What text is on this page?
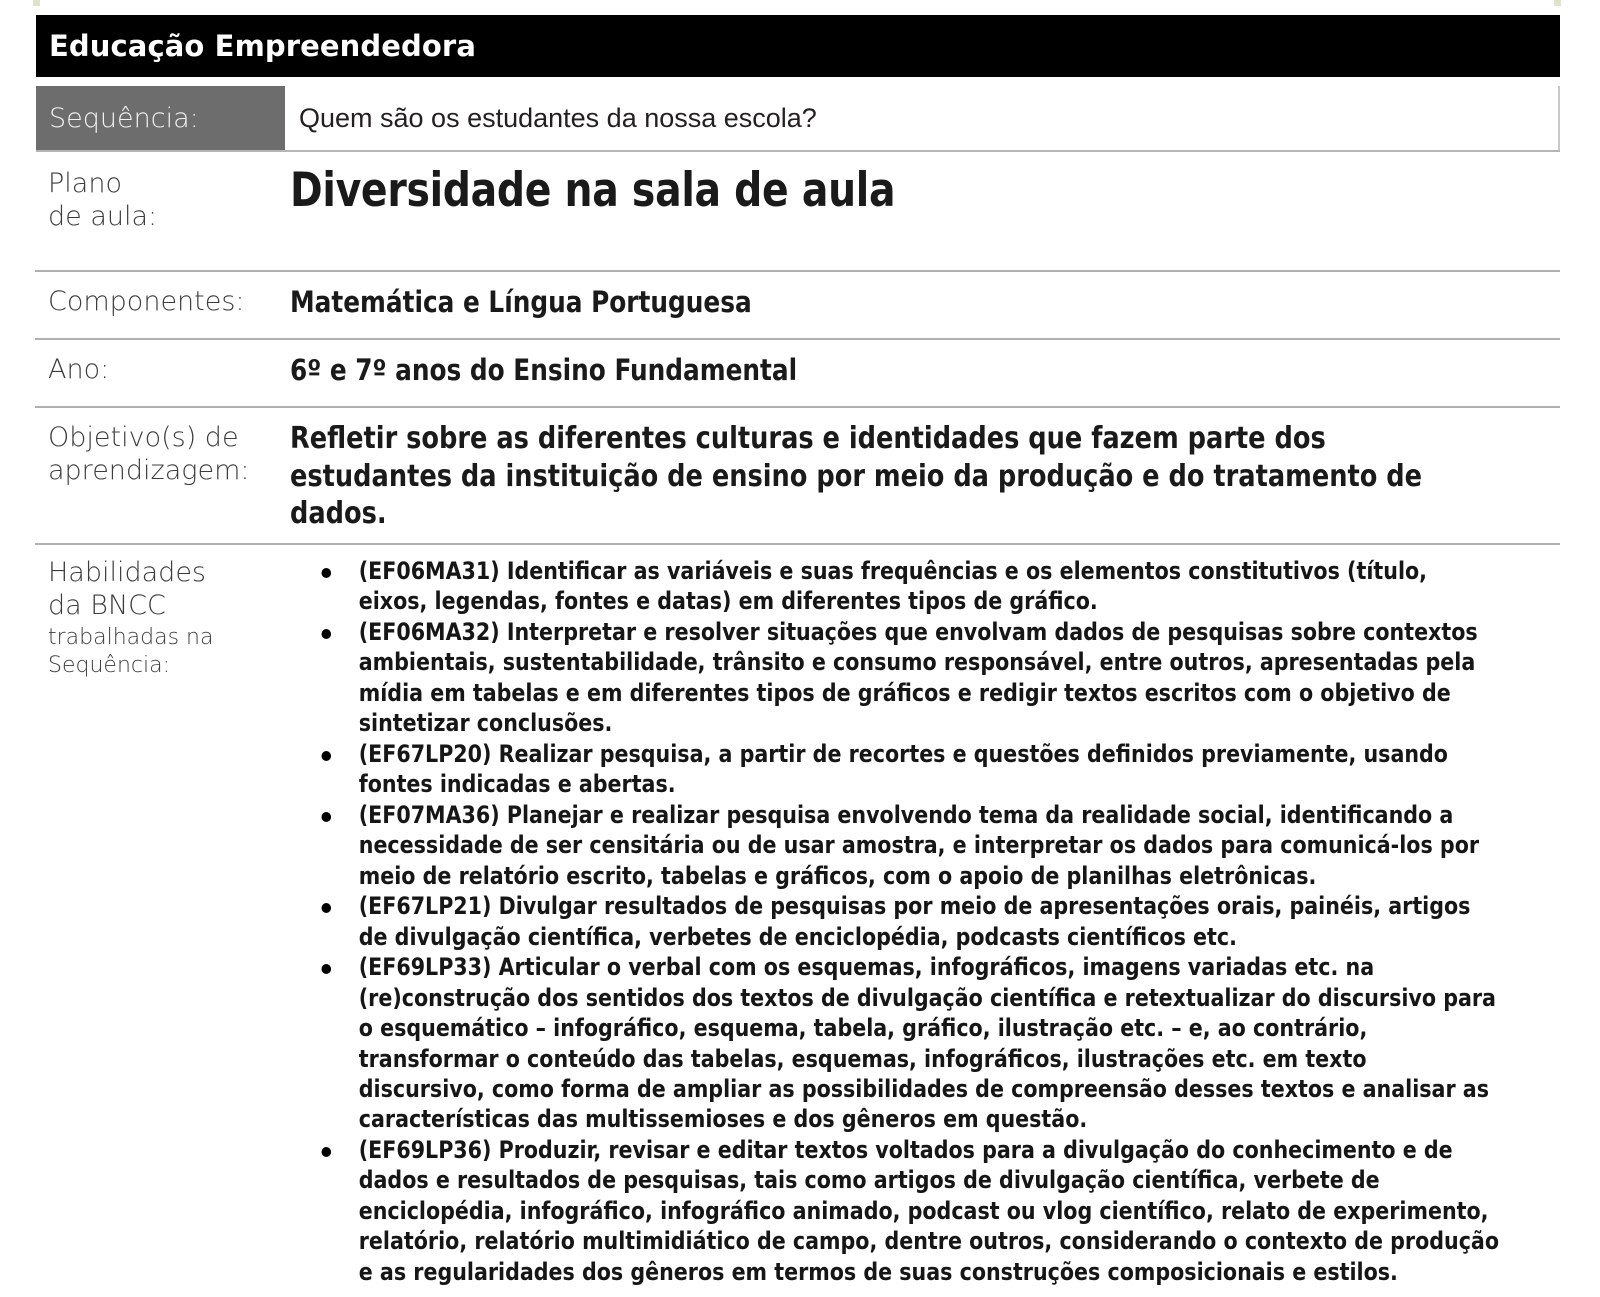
Educação Empreendedora
Sequência:	Quem são os estudantes da nossa escola?
Plano
de aula:	Diversidade na sala de aula
Componentes:	Matemática e Língua Portuguesa
Ano:	6º e 7º anos do Ensino Fundamental
Objetivo(s) de
aprendizagem:
Refletir sobre as diferentes culturas e identidades que fazem parte dos estudantes da instituição de ensino por meio da produção e do tratamento de dados.
Habilidades
da BNCC
trabalhadas na
Sequência:
(EF06MA31) Identificar as variáveis e suas frequências e os elementos constitutivos (título, eixos, legendas, fontes e datas) em diferentes tipos de gráfico.
(EF06MA32) Interpretar e resolver situações que envolvam dados de pesquisas sobre contextos ambientais, sustentabilidade, trânsito e consumo responsável, entre outros, apresentadas pela mídia em tabelas e em diferentes tipos de gráficos e redigir textos escritos com o objetivo de sintetizar conclusões.
(EF67LP20) Realizar pesquisa, a partir de recortes e questões definidos previamente, usando fontes indicadas e abertas.
(EF07MA36) Planejar e realizar pesquisa envolvendo tema da realidade social, identificando a necessidade de ser censitária ou de usar amostra, e interpretar os dados para comunicá-los por meio de relatório escrito, tabelas e gráficos, com o apoio de planilhas eletrônicas.
(EF67LP21) Divulgar resultados de pesquisas por meio de apresentações orais, painéis, artigos de divulgação científica, verbetes de enciclopédia, podcasts científicos etc.
(EF69LP33) Articular o verbal com os esquemas, infográficos, imagens variadas etc. na (re)construção dos sentidos dos textos de divulgação científica e retextualizar do discursivo para o esquemático – infográfico, esquema, tabela, gráfico, ilustração etc. – e, ao contrário, transformar o conteúdo das tabelas, esquemas, infográficos, ilustrações etc. em texto discursivo, como forma de ampliar as possibilidades de compreensão desses textos e analisar as características das multissemioses e dos gêneros em questão.
(EF69LP36) Produzir, revisar e editar textos voltados para a divulgação do conhecimento e de dados e resultados de pesquisas, tais como artigos de divulgação científica, verbete de enciclopédia, infográfico, infográfico animado, podcast ou vlog científico, relato de experimento, relatório, relatório multimidiático de campo, dentre outros, considerando o contexto de produção e as regularidades dos gêneros em termos de suas construções composicionais e estilos.
